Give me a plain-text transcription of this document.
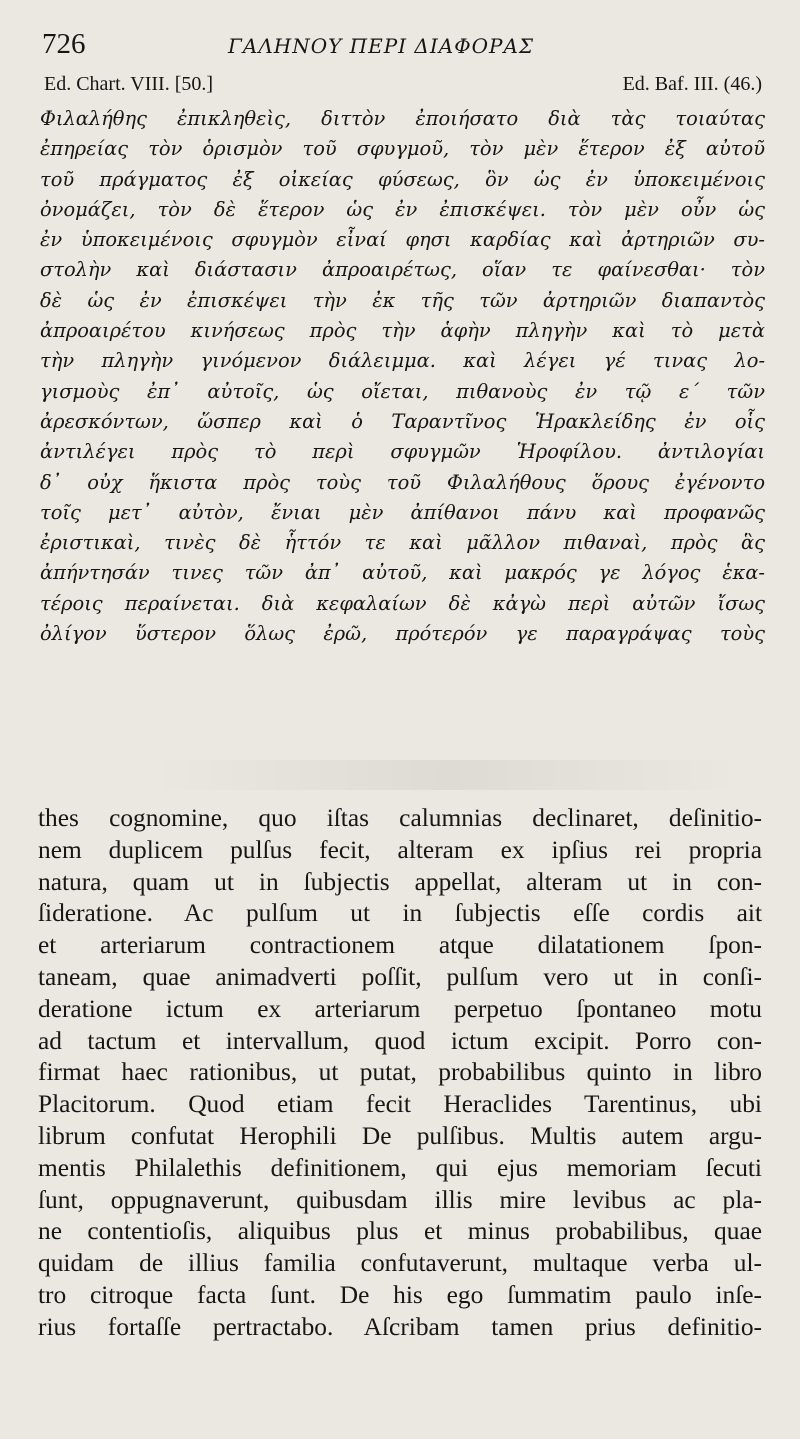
726	ΓΑΛΗΝΟΥ ΠΕΡΙ ΔΙΑΦΟΡΑΣ
Ed. Chart. VIII. [50.]	Ed. Baf. III. (46.)
Φιλαλήθης ἐπικληθεὶς, διττὸν ἐποιήσατο διὰ τὰς τοιαύτας
ἐπηρείας τὸν ὁρισμὸν τοῦ σφυγμοῦ, τὸν μὲν ἕτερον ἐξ αὐτοῦ
τοῦ πράγματος ἐξ οἰκείας φύσεως, ὃν ὡς ἐν ὑποκειμένοις
ὀνομάζει, τὸν δὲ ἕτερον ὡς ἐν ἐπισκέψει. τὸν μὲν οὖν ὡς
ἐν ὑποκειμένοις σφυγμὸν εἶναί φησι καρδίας καὶ ἀρτηριῶν συ-
στολὴν καὶ διάστασιν ἀπροαιρέτως, οἵαν τε φαίνεσθαι· τὸν
δὲ ὡς ἐν ἐπισκέψει τὴν ἐκ τῆς τῶν ἀρτηριῶν διαπαντὸς
ἀπροαιρέτου κινήσεως πρὸς τὴν ἁφὴν πληγὴν καὶ τὸ μετὰ
τὴν πληγὴν γινόμενον διάλειμμα. καὶ λέγει γέ τινας λο-
γισμοὺς ἐπ᾽ αὐτοῖς, ὡς οἴεται, πιθανοὺς ἐν τῷ ε´ τῶν
ἀρεσκόντων, ὥσπερ καὶ ὁ Ταραντῖνος Ἡρακλείδης ἐν οἷς
ἀντιλέγει πρὸς τὸ περὶ σφυγμῶν Ἡροφίλου. ἀντιλογίαι
δ᾽ οὐχ ἥκιστα πρὸς τοὺς τοῦ Φιλαλήθους ὅρους ἐγένοντο
τοῖς μετ᾽ αὐτὸν, ἔνιαι μὲν ἀπίθανοι πάνυ καὶ προφανῶς
ἐριστικαὶ, τινὲς δὲ ἧττόν τε καὶ μᾶλλον πιθαναὶ, πρὸς ἃς
ἀπήντησάν τινες τῶν ἀπ᾽ αὐτοῦ, καὶ μακρός γε λόγος ἑκα-
τέροις περαίνεται. διὰ κεφαλαίων δὲ κἀγὼ περὶ αὐτῶν ἴσως
ὀλίγον ὕστερον ὅλως ἐρῶ, πρότερόν γε παραγράψας τοὺς
thes cognomine, quo iſtas calumnias declinaret, deſinitio-
nem duplicem pulſus fecit, alteram ex ipſius rei propria
natura, quam ut in ſubjectis appellat, alteram ut in con-
ſideratione. Ac pulſum ut in ſubjectis eſſe cordis ait
et arteriarum contractionem atque dilatationem ſpon-
taneam, quae animadverti poſſit, pulſum vero ut in conſi-
deratione ictum ex arteriarum perpetuo ſpontaneo motu
ad tactum et intervallum, quod ictum excipit. Porro con-
firmat haec rationibus, ut putat, probabilibus quinto in libro
Placitorum. Quod etiam fecit Heraclides Tarentinus, ubi
librum confutat Herophili De pulſibus. Multis autem argu-
mentis Philalethis definitionem, qui ejus memoriam ſecuti
ſunt, oppugnaverunt, quibusdam illis mire levibus ac pla-
ne contentioſis, aliquibus plus et minus probabilibus, quae
quidam de illius familia confutaverunt, multaque verba ul-
tro citroque facta ſunt. De his ego ſummatim paulo inſe-
rius fortaſſe pertractabo. Aſcribam tamen prius definitio-
